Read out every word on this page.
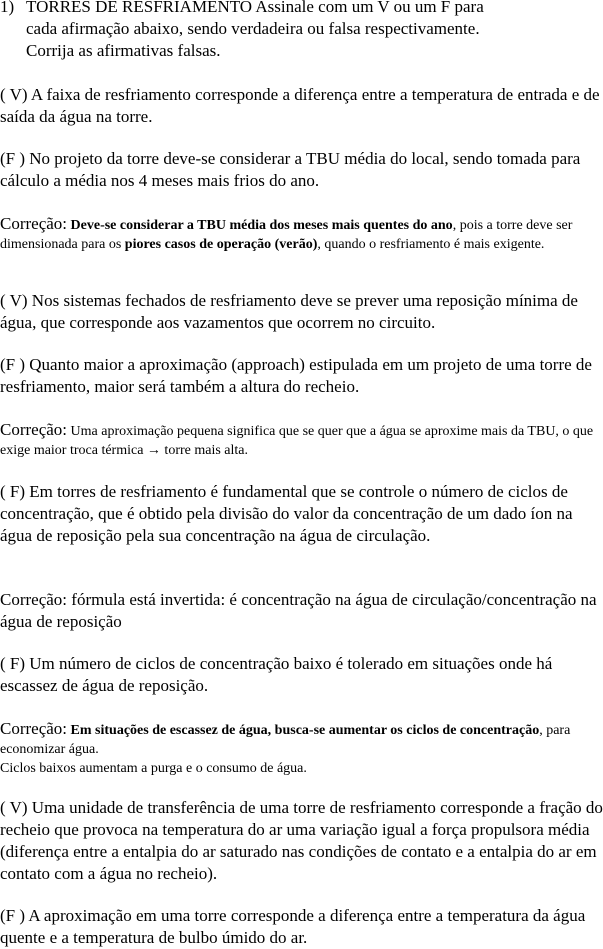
1) TORRES DE RESFRIAMENTO Assinale com um V ou um F para
cada afirmação abaixo, sendo verdadeira ou falsa respectivamente.
Corrija as afirmativas falsas.

( V) A faixa de resfriamento corresponde a diferença entre a temperatura de entrada e de saída da água na torre.

(F ) No projeto da torre deve-se considerar a TBU média do local, sendo tomada para cálculo a média nos 4 meses mais frios do ano.

Correção: Deve-se considerar a TBU média dos meses mais quentes do ano, pois a torre deve ser dimensionada para os piores casos de operação (verão), quando o resfriamento é mais exigente.

( V) Nos sistemas fechados de resfriamento deve se prever uma reposição mínima de água, que corresponde aos vazamentos que ocorrem no circuito.

(F ) Quanto maior a aproximação (approach) estipulada em um projeto de uma torre de resfriamento, maior será também a altura do recheio.

Correção: Uma aproximação pequena significa que se quer que a água se aproxime mais da TBU, o que exige maior troca térmica → torre mais alta.

( F) Em torres de resfriamento é fundamental que se controle o número de ciclos de concentração, que é obtido pela divisão do valor da concentração de um dado íon na água de reposição pela sua concentração na água de circulação.

Correção: fórmula está invertida: é concentração na água de circulação/concentração na água de reposição

( F) Um número de ciclos de concentração baixo é tolerado em situações onde há escassez de água de reposição.

Correção: Em situações de escassez de água, busca-se aumentar os ciclos de concentração, para economizar água.
Ciclos baixos aumentam a purga e o consumo de água.

( V) Uma unidade de transferência de uma torre de resfriamento corresponde a fração do recheio que provoca na temperatura do ar uma variação igual a força propulsora média (diferença entre a entalpia do ar saturado nas condições de contato e a entalpia do ar em contato com a água no recheio).

(F ) A aproximação em uma torre corresponde a diferença entre a temperatura da água quente e a temperatura de bulbo úmido do ar.
